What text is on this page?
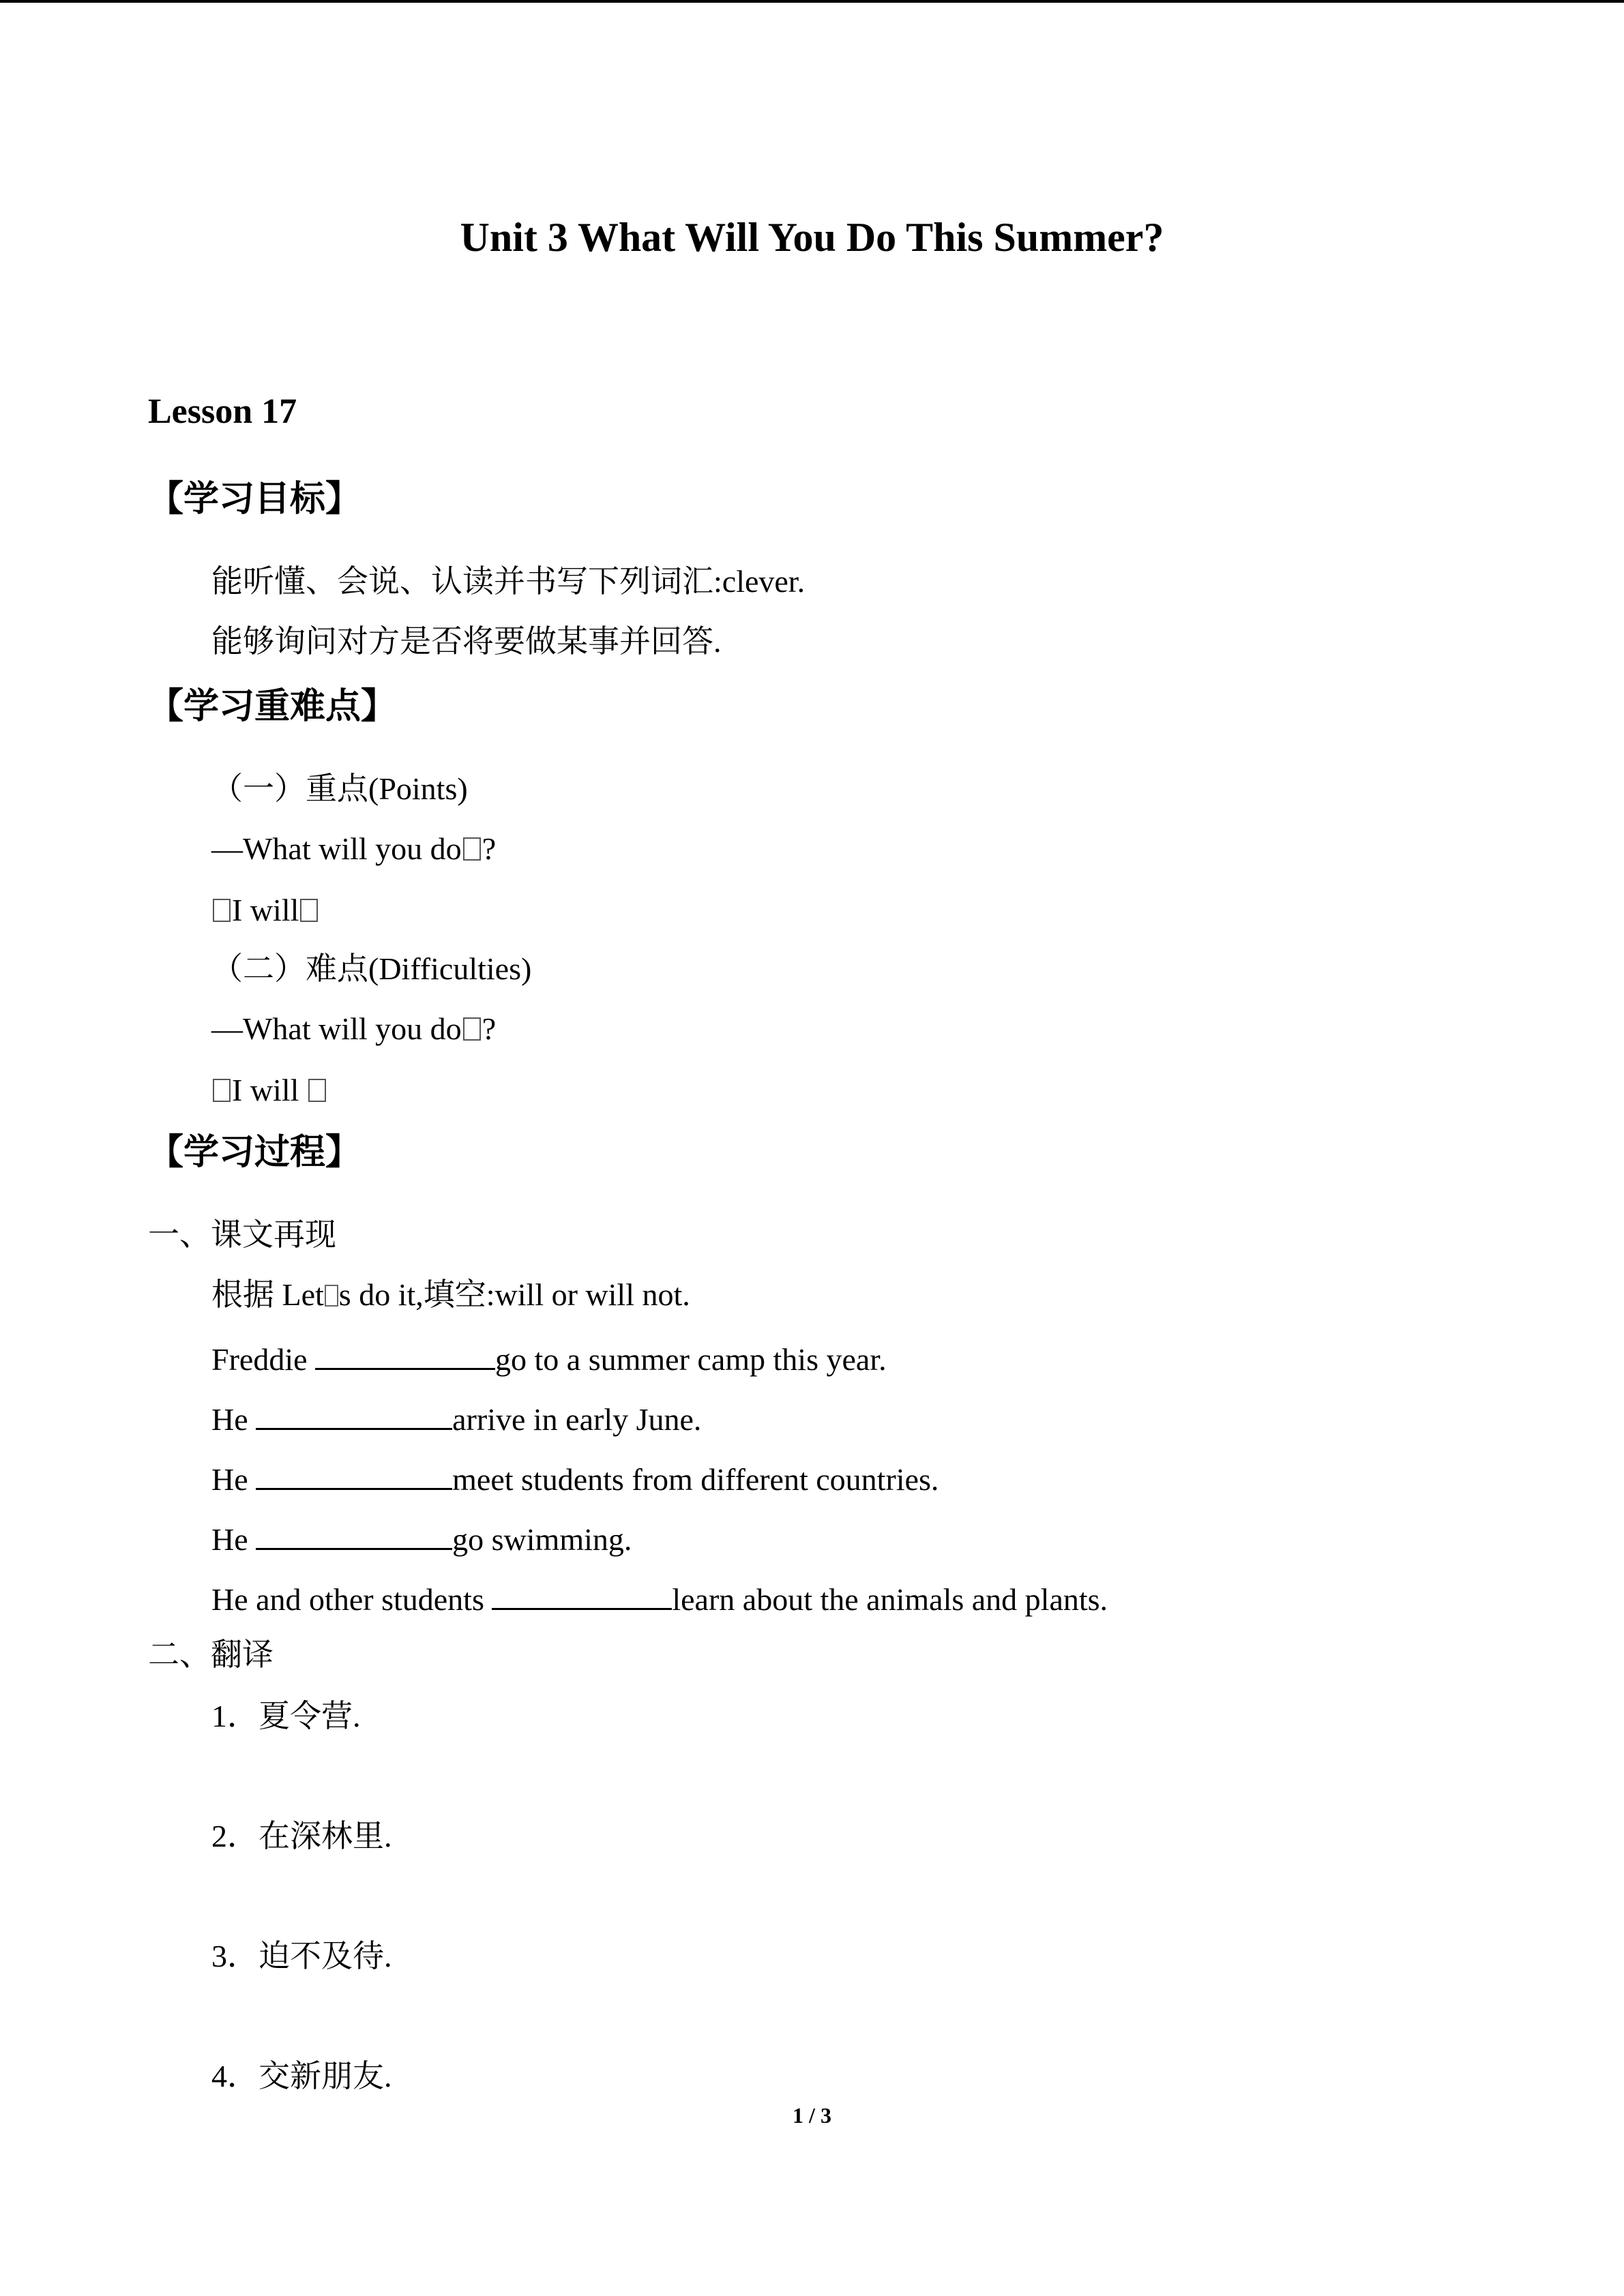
Unit 3 What Will You Do This Summer?
Lesson 17
【学习目标】
能听懂、会说、认读并书写下列词汇:clever.
能够询问对方是否将要做某事并回答.
【学习重难点】
（一）重点(Points)
—What will you do ?
I will
（二）难点(Difficulties)
—What will you do ?
I will
【学习过程】
一、课文再现
根据 Let s do it,填空:will or will not.
Freddie	go to a summer camp this year.
He	arrive in early June.
He	meet students from different countries.
He	go swimming.
He and other students	learn about the animals and plants.
二、翻译
1．夏令营.
2．在深林里.
3．迫不及待.
4．交新朋友.
1 / 3
